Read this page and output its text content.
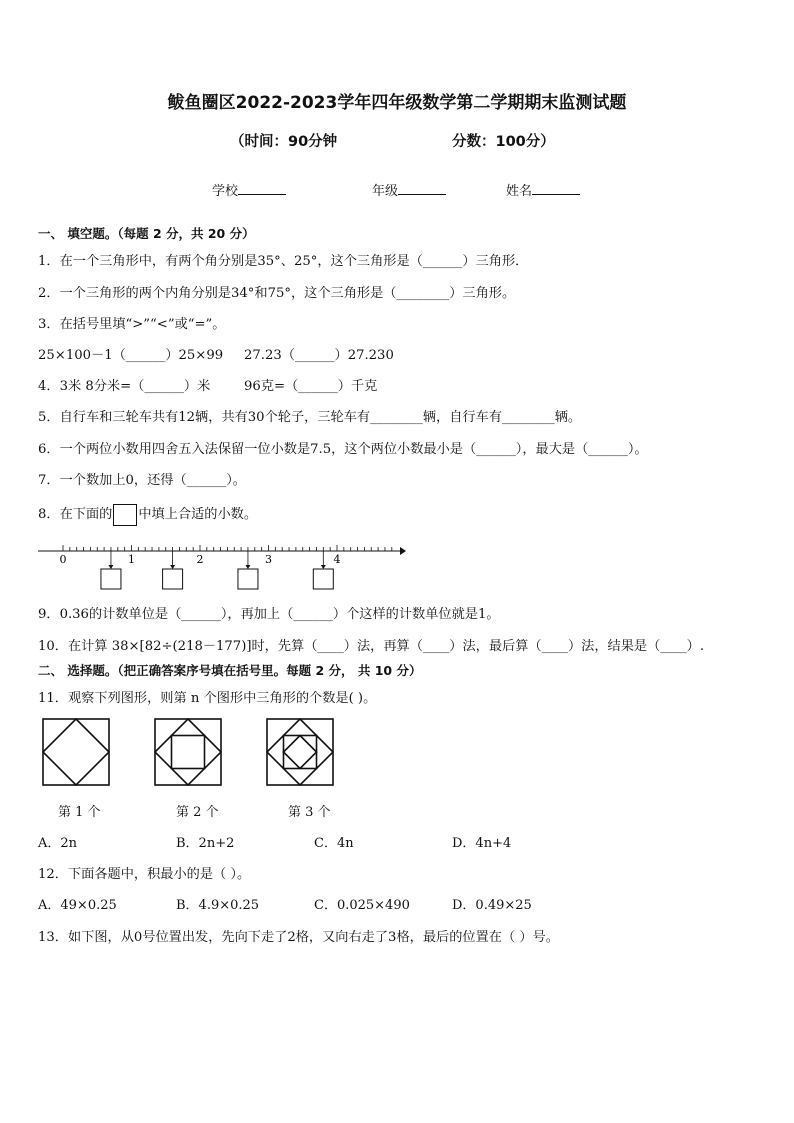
鲅鱼圈区2022-2023学年四年级数学第二学期期末监测试题
（时间：90分钟	分数：100分）
学校	年级	姓名
一、 填空题。（每题 2 分，共 20 分）
1．在一个三角形中，有两个角分别是35°、25°，这个三角形是（______）三角形．
2．一个三角形的两个内角分别是34°和75°，这个三角形是（________）三角形。
3．在括号里填“>”“<”或“=”。
25×100－1（______）25×99 27.23（______）27.230
4．3米 8分米=（______）米	96克=（______）千克
5．自行车和三轮车共有12辆，共有30个轮子，三轮车有________辆，自行车有________辆。
6．一个两位小数用四舍五入法保留一位小数是7.5，这个两位小数最小是（______），最大是（______）。
7．一个数加上0，还得（______）。
8．在下面的 中填上合适的小数。
0	1	2	3	4
9．0.36的计数单位是（______），再加上（______）个这样的计数单位就是1。
10．在计算 38×[82÷(218－177)]时，先算（____）法，再算（____）法，最后算（____）法，结果是（____）.
二、 选择题。（把正确答案序号填在括号里。每题 2 分， 共 10 分）
11．观察下列图形，则第 n 个图形中三角形的个数是( )。
第 1 个	第 2 个	第 3 个
A．2n	B．2n+2	C．4n	D．4n+4
12．下面各题中，积最小的是（ ）。
A．49×0.25	B．4.9×0.25	C．0.025×490	D．0.49×25
13．如下图，从0号位置出发，先向下走了2格，又向右走了3格，最后的位置在（ ）号。
